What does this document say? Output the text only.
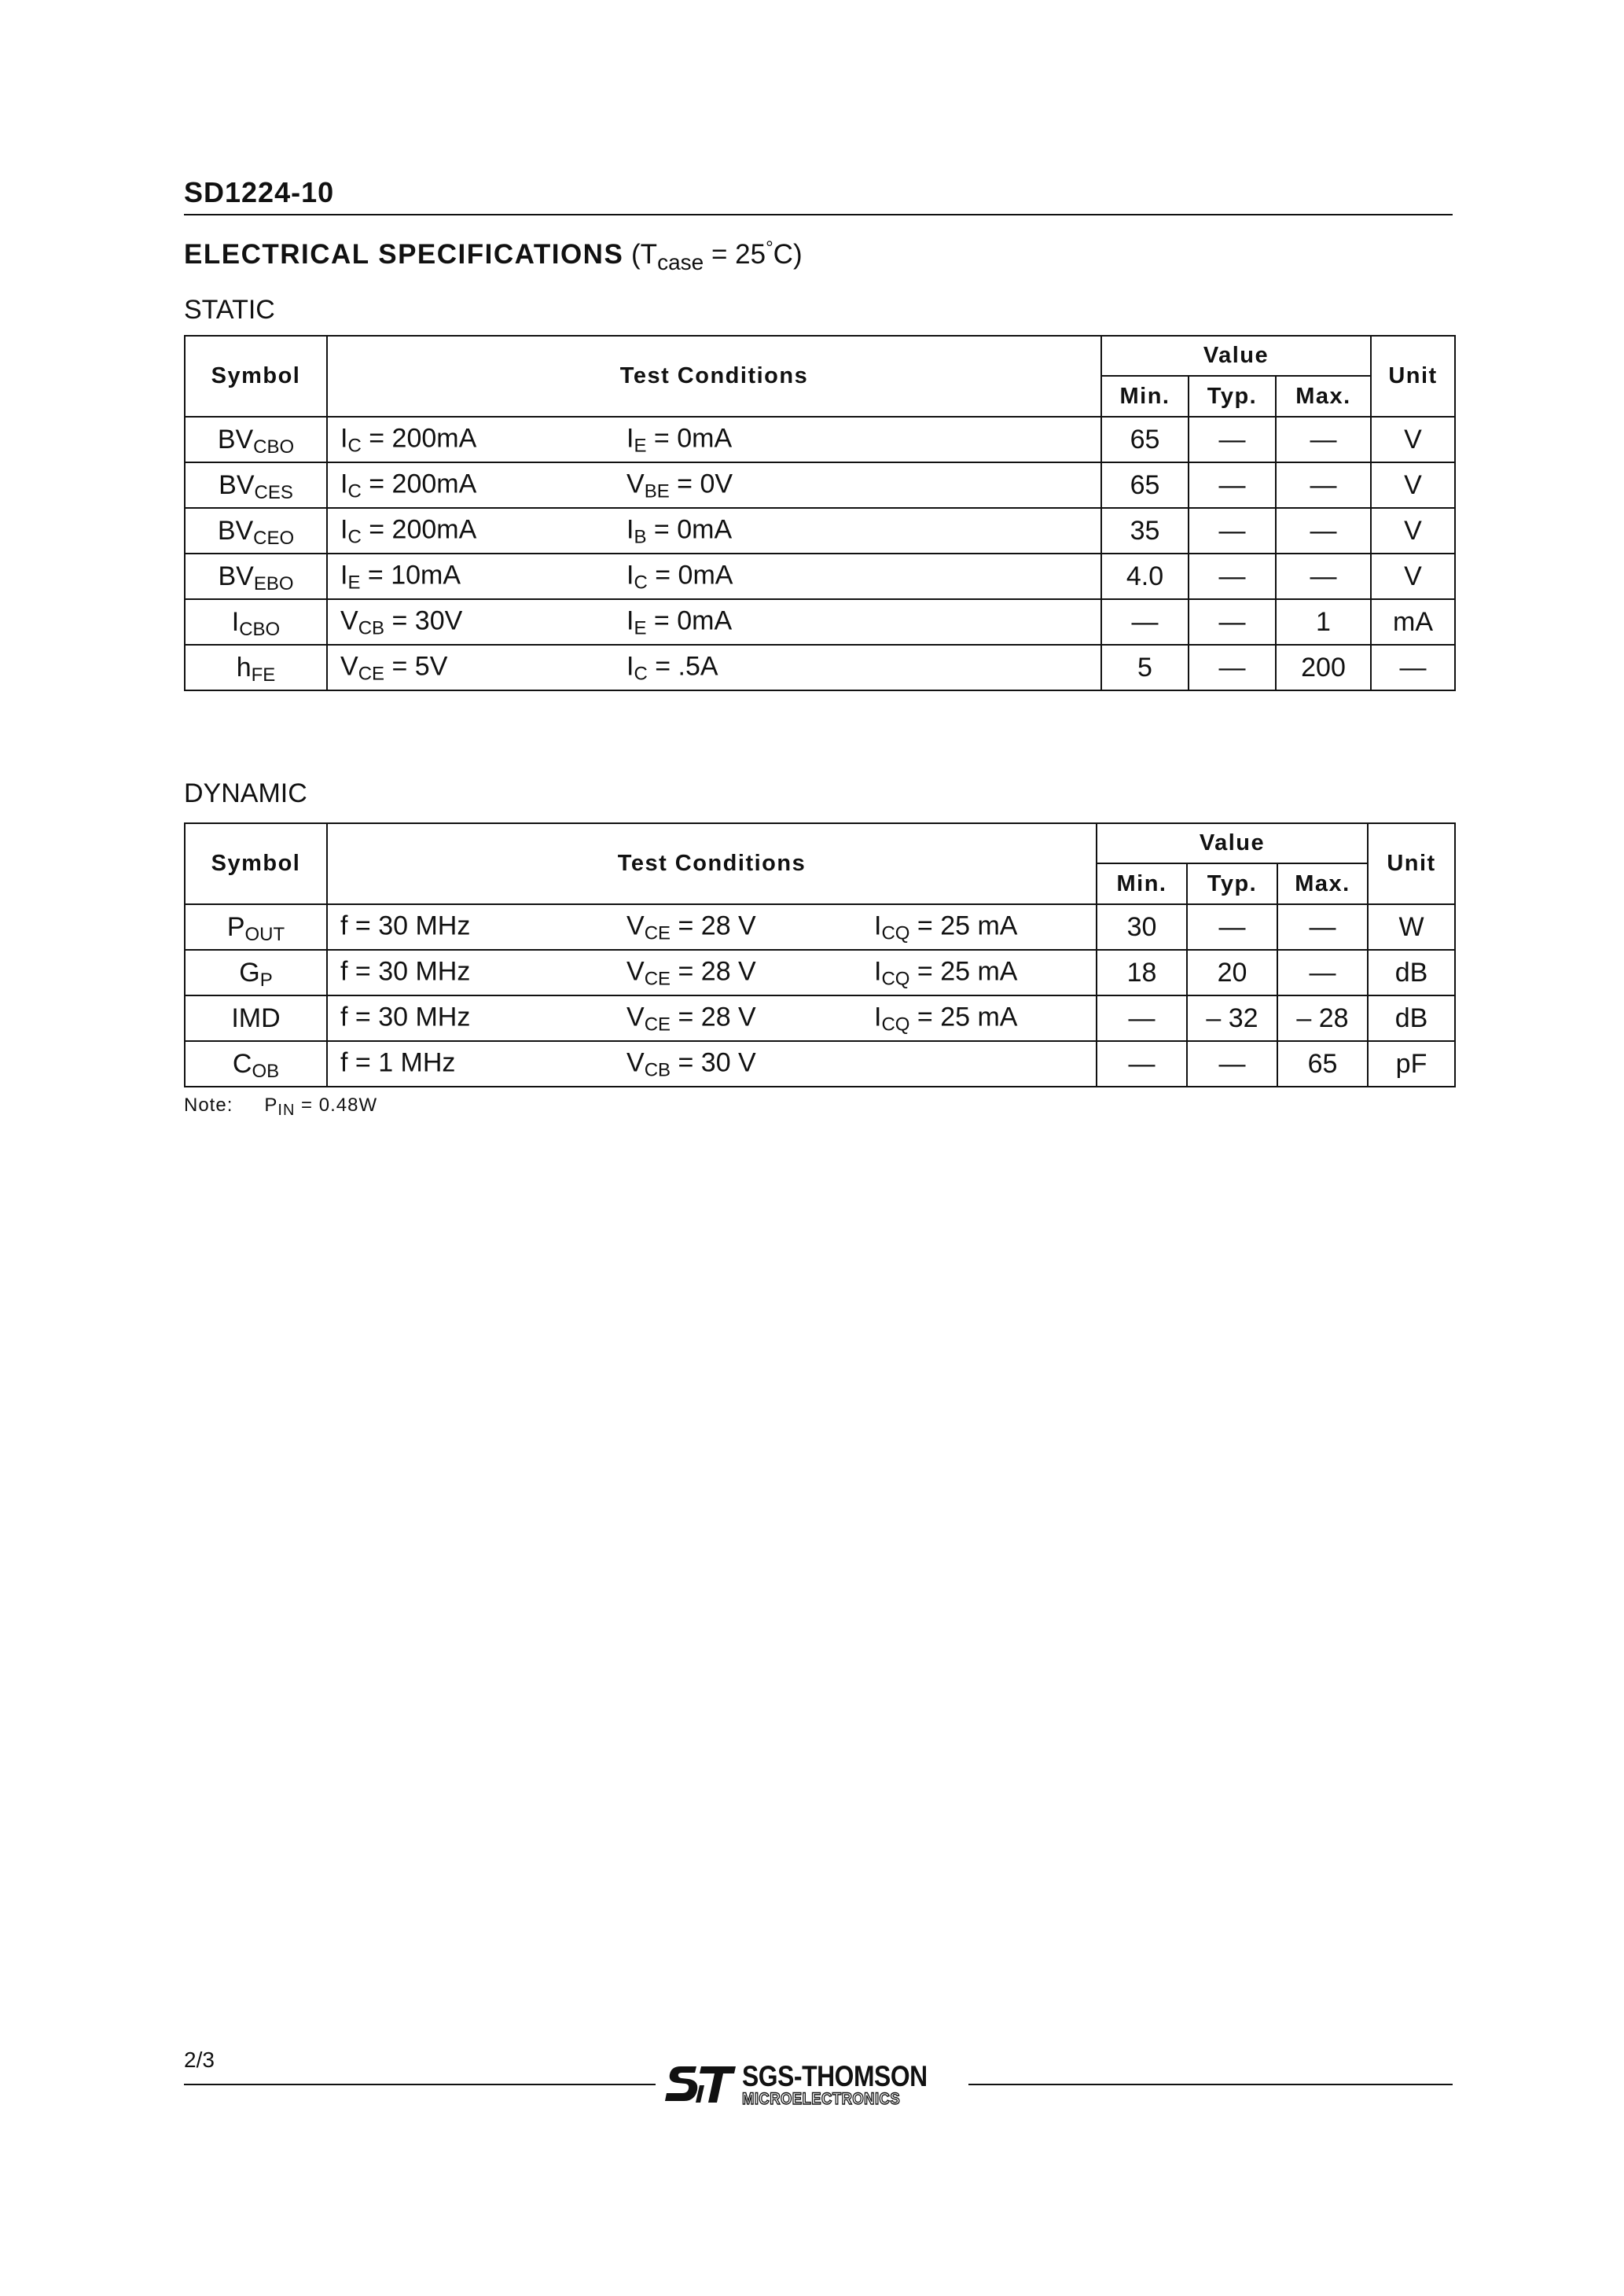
SD1224-10
ELECTRICAL SPECIFICATIONS $(T_{case} = 25^\circ C)$
STATIC
Symbol	Test Conditions	Value			Unit
		Min.	Typ.	Max.	
$BV_{CBO}$	$I_C = 200mA$ $I_E = 0mA$	65	—	—	V
$BV_{CES}$	$I_C = 200mA$ $V_{BE} = 0V$	65	—	—	V
$BV_{CEO}$	$I_C = 200mA$ $I_B = 0mA$	35	—	—	V
$BV_{EBO}$	$I_E = 10mA$ $I_C = 0mA$	4.0	—	—	V
$I_{CBO}$	$V_{CB} = 30V$ $I_E = 0mA$	—	—	1	mA
$h_{FE}$	$V_{CE} = 5V$ $I_C = .5A$	5	—	200	—
DYNAMIC
Symbol	Test Conditions	Value			Unit
		Min.	Typ.	Max.	
$P_{OUT}$	f = 30 MHz $V_{CE} = 28$ V $I_{CQ} = 25$ mA	30	—	—	W
$G_P$	f = 30 MHz $V_{CE} = 28$ V $I_{CQ} = 25$ mA	18	20	—	dB
IMD	f = 30 MHz $V_{CE} = 28$ V $I_{CQ} = 25$ mA	—	– 32	– 28	dB
$C_{OB}$	f = 1 MHz $V_{CB} = 30$ V	—	—	65	pF
Note: $P_{IN} = 0.48W$
2/3
SGS-THOMSON
MICROELECTRONICS
